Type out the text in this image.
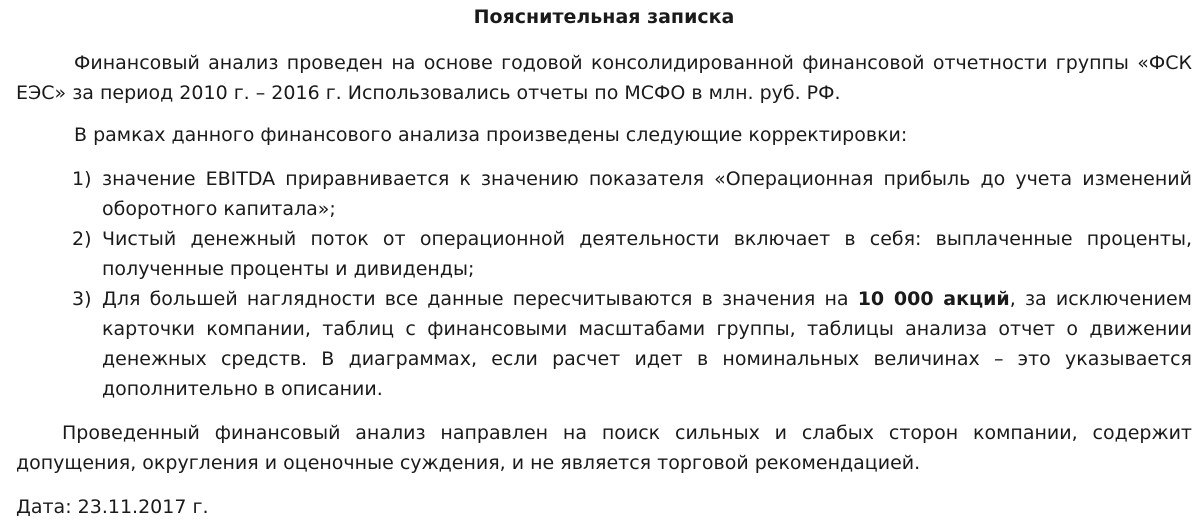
Пояснительная записка

Финансовый анализ проведен на основе годовой консолидированной финансовой отчетности группы «ФСК ЕЭС» за период 2010 г. – 2016 г. Использовались отчеты по МСФО в млн. руб. РФ.

В рамках данного финансового анализа произведены следующие корректировки:

1) значение EBITDA приравнивается к значению показателя «Операционная прибыль до учета изменений оборотного капитала»;
2) Чистый денежный поток от операционной деятельности включает в себя: выплаченные проценты, полученные проценты и дивиденды;
3) Для большей наглядности все данные пересчитываются в значения на 10 000 акций, за исключением карточки компании, таблиц с финансовыми масштабами группы, таблицы анализа отчет о движении денежных средств. В диаграммах, если расчет идет в номинальных величинах – это указывается дополнительно в описании.

Проведенный финансовый анализ направлен на поиск сильных и слабых сторон компании, содержит допущения, округления и оценочные суждения, и не является торговой рекомендацией.

Дата: 23.11.2017 г.
